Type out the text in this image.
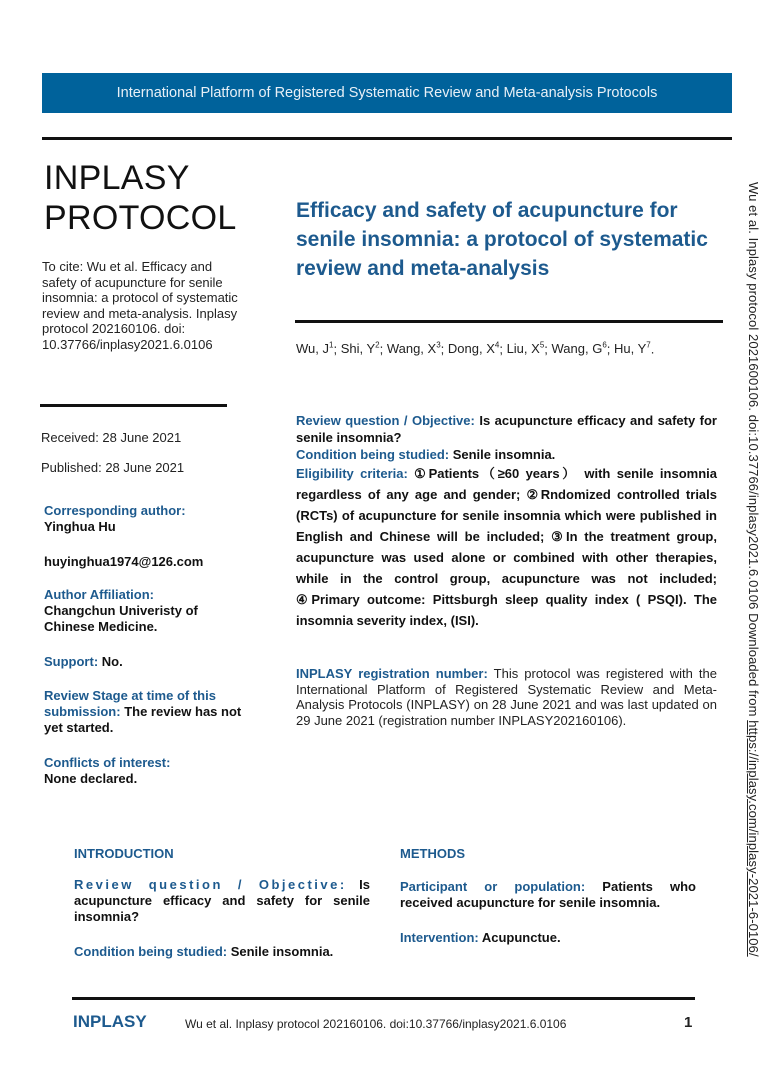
International Platform of Registered Systematic Review and Meta-analysis Protocols
INPLASY
PROTOCOL
To cite: Wu et al. Efficacy and safety of acupuncture for senile insomnia: a protocol of systematic review and meta-analysis. Inplasy protocol 202160106. doi: 10.37766/inplasy2021.6.0106
Received: 28 June 2021
Published: 28 June 2021
Corresponding author:
Yinghua Hu
huyinghua1974@126.com
Author Affiliation:
Changchun Univeristy of Chinese Medicine.
Support: No.
Review Stage at time of this submission: The review has not yet started.
Conflicts of interest:
None declared.
Efficacy and safety of acupuncture for senile insomnia: a protocol of systematic review and meta-analysis
Wu, $J^1$; Shi, $Y^2$; Wang, $X^3$; Dong, $X^4$; Liu, $X^5$; Wang, $G^6$; Hu, $Y^7$.

Review question / Objective: Is acupuncture efficacy and safety for senile insomnia?

Condition being studied: Senile insomnia.

Eligibility criteria: ①Patients（≥60 years） with senile insomnia regardless of any age and gender; ②Rndomized controlled trials (RCTs) of acupuncture for senile insomnia which were published in English and Chinese will be included; ③In the treatment group, acupuncture was used alone or combined with other therapies, while in the control group, acupuncture was not included; ④Primary outcome: Pittsburgh sleep quality index ( PSQI). The insomnia severity index, (ISI).

INPLASY registration number: This protocol was registered with the International Platform of Registered Systematic Review and Meta-Analysis Protocols (INPLASY) on 28 June 2021 and was last updated on 29 June 2021 (registration number INPLASY202160106).
INTRODUCTION	METHODS
Review question / Objective: Is acupuncture efficacy and safety for senile insomnia?
Condition being studied: Senile insomnia.
Participant or population: Patients who received acupuncture for senile insomnia.
Intervention: Acupunctue.
INPLASY	Wu et al. Inplasy protocol 202160106. doi:10.37766/inplasy2021.6.0106	1
Wu et al. Inplasy protocol 2021600106. doi:10.37766/inplasy2021.6.0106 Downloaded from https://inplasy.com/inplasy-2021-6-0106/
